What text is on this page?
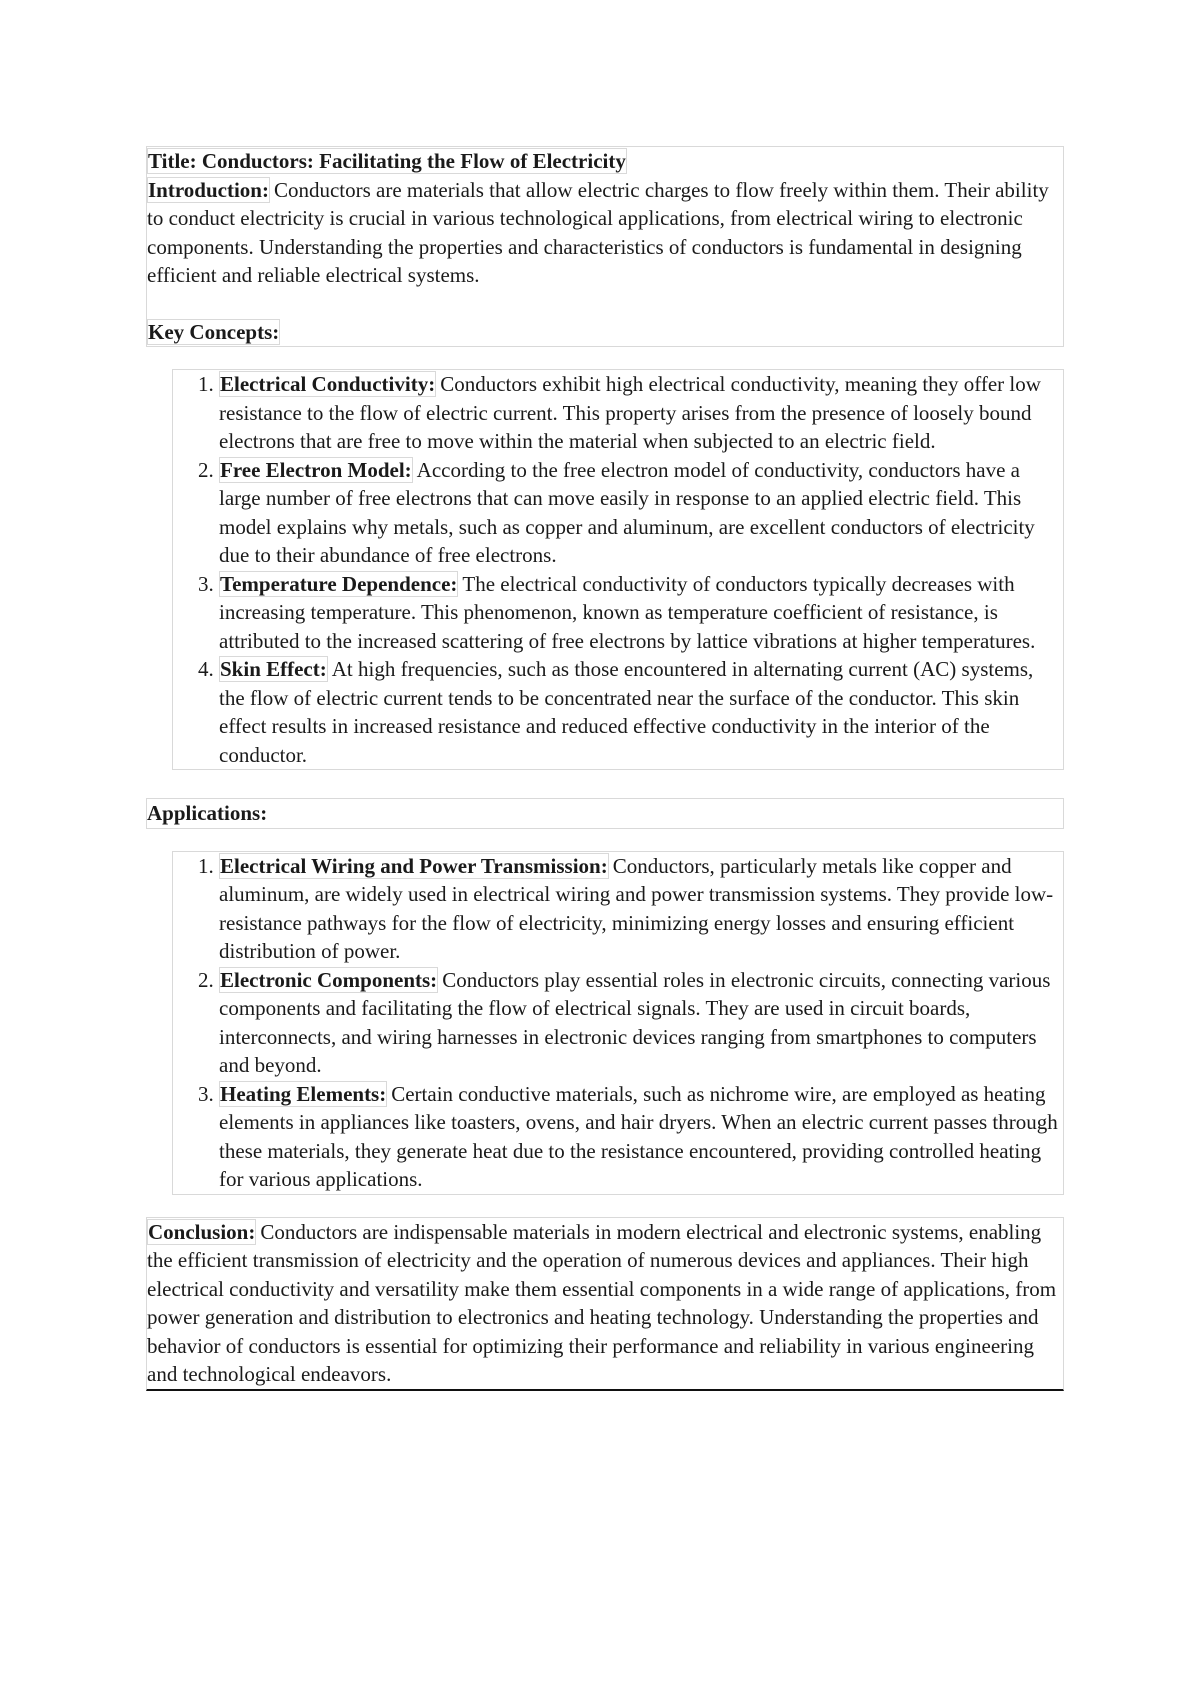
Title: Conductors: Facilitating the Flow of Electricity

Introduction: Conductors are materials that allow electric charges to flow freely within them. Their ability to conduct electricity is crucial in various technological applications, from electrical wiring to electronic components. Understanding the properties and characteristics of conductors is fundamental in designing efficient and reliable electrical systems.

Key Concepts:

1. Electrical Conductivity: Conductors exhibit high electrical conductivity, meaning they offer low resistance to the flow of electric current. This property arises from the presence of loosely bound electrons that are free to move within the material when subjected to an electric field.
2. Free Electron Model: According to the free electron model of conductivity, conductors have a large number of free electrons that can move easily in response to an applied electric field. This model explains why metals, such as copper and aluminum, are excellent conductors of electricity due to their abundance of free electrons.
3. Temperature Dependence: The electrical conductivity of conductors typically decreases with increasing temperature. This phenomenon, known as temperature coefficient of resistance, is attributed to the increased scattering of free electrons by lattice vibrations at higher temperatures.
4. Skin Effect: At high frequencies, such as those encountered in alternating current (AC) systems, the flow of electric current tends to be concentrated near the surface of the conductor. This skin effect results in increased resistance and reduced effective conductivity in the interior of the conductor.

Applications:

1. Electrical Wiring and Power Transmission: Conductors, particularly metals like copper and aluminum, are widely used in electrical wiring and power transmission systems. They provide low-resistance pathways for the flow of electricity, minimizing energy losses and ensuring efficient distribution of power.
2. Electronic Components: Conductors play essential roles in electronic circuits, connecting various components and facilitating the flow of electrical signals. They are used in circuit boards, interconnects, and wiring harnesses in electronic devices ranging from smartphones to computers and beyond.
3. Heating Elements: Certain conductive materials, such as nichrome wire, are employed as heating elements in appliances like toasters, ovens, and hair dryers. When an electric current passes through these materials, they generate heat due to the resistance encountered, providing controlled heating for various applications.

Conclusion: Conductors are indispensable materials in modern electrical and electronic systems, enabling the efficient transmission of electricity and the operation of numerous devices and appliances. Their high electrical conductivity and versatility make them essential components in a wide range of applications, from power generation and distribution to electronics and heating technology. Understanding the properties and behavior of conductors is essential for optimizing their performance and reliability in various engineering and technological endeavors.
